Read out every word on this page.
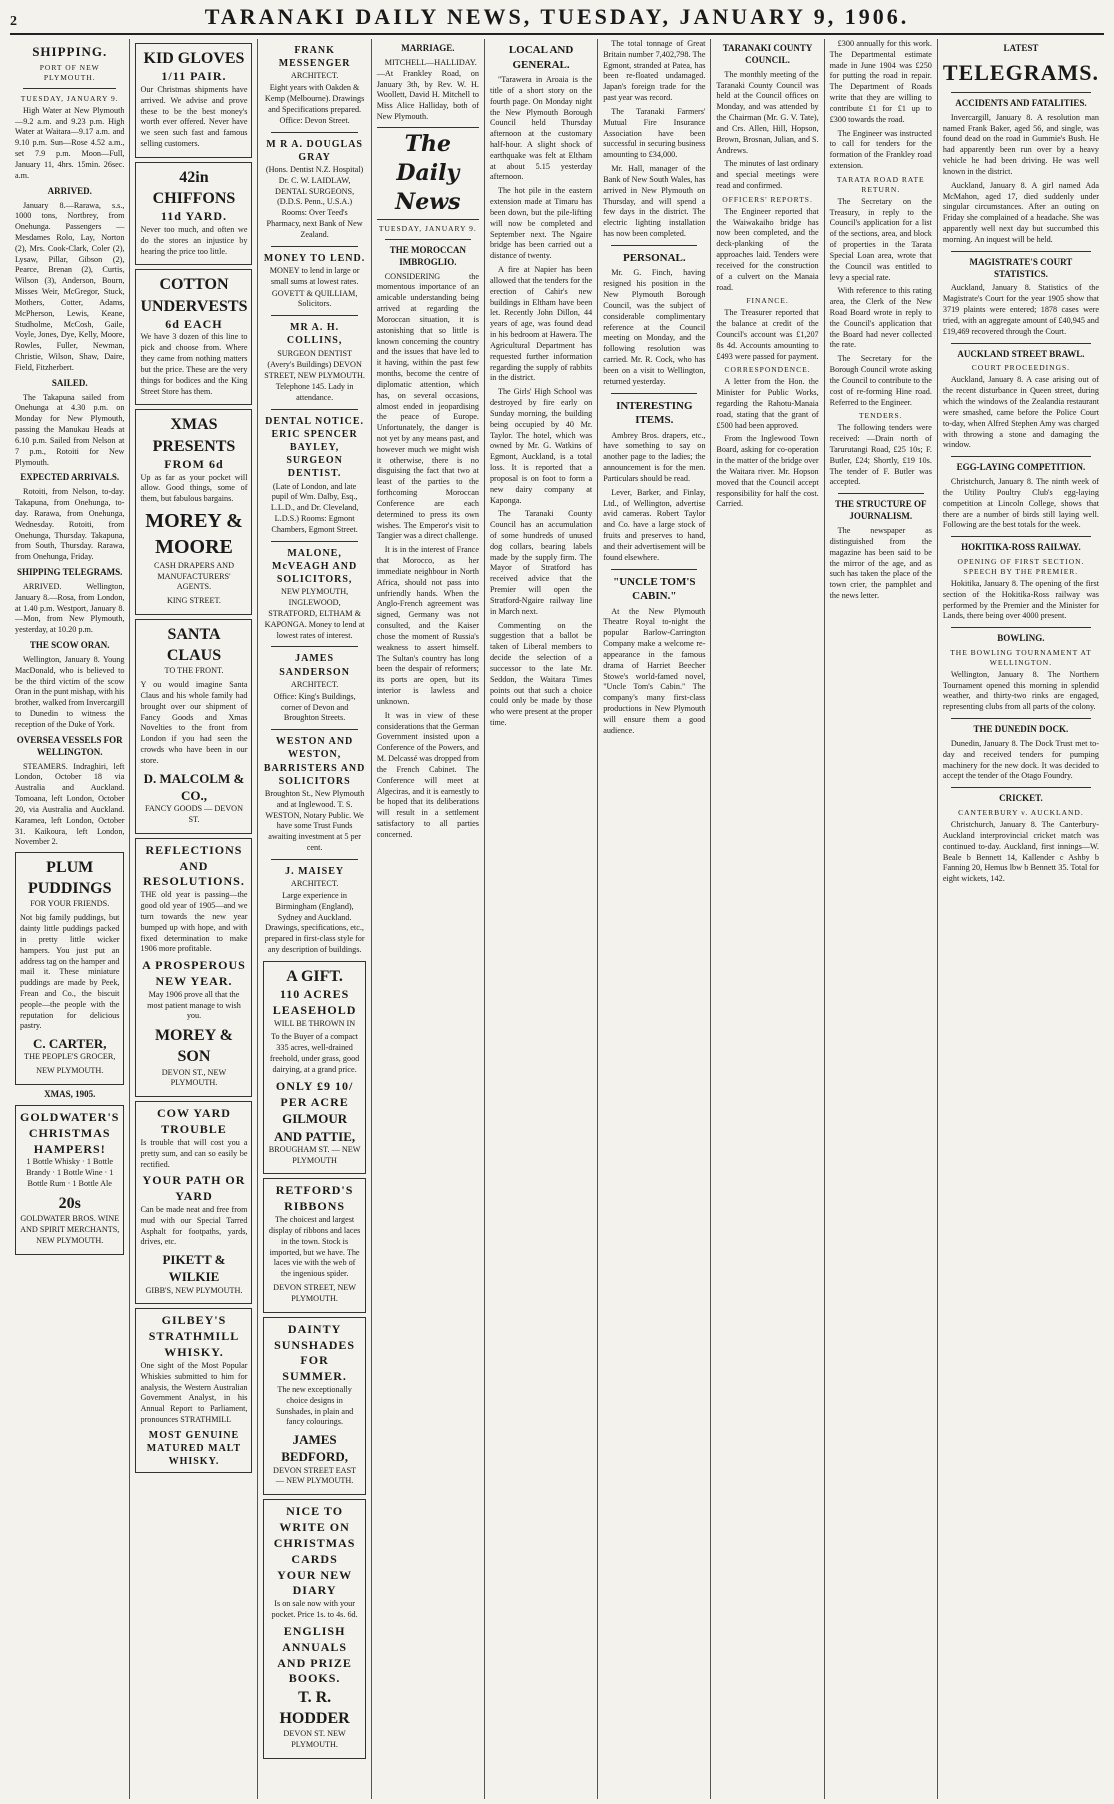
2	TARANAKI DAILY NEWS, TUESDAY, JANUARY 9, 1906.

SHIPPING.

PORT OF NEW PLYMOUTH.

TUESDAY, JANUARY 9.

High Water at New Plymouth—9.2 a.m. and 9.23 p.m. High Water at Waitara—9.17 a.m. and 9.10 p.m. Sun—Rose 4.52 a.m., set 7.9 p.m. Moon—Full, January 11, 4hrs. 15min. 26sec. a.m.

ARRIVED.

January 8.—Rarawa, s.s., 1000 tons, Nortbrey, from Onehunga. Passengers —Mesdames Rolo, Lay, Norton (2), Mrs. Cook-Clark, Coler (2), Lysaw, Pillar, Gibson (2), Pearce, Brenan (2), Curtis, Wilson (3), Anderson, Bourn, Misses Weir, McGregor, Stuck, Mothers, Cotter, Adams, McPherson, Lewis, Keane, Studholme, McCosh, Gaile, Voyle, Jones, Dye, Kelly, Moore, Rowles, Fuller, Newman, Christie, Wilson, Shaw, Daire, Field, Fitzherbert.

SAILED.

The Takapuna sailed from Onehunga at 4.30 p.m. on Monday for New Plymouth, passing the Manukau Heads at 6.10 p.m. Sailed from Nelson at 7 p.m., Rotoiti for New Plymouth.

EXPECTED ARRIVALS.

Rotoiti, from Nelson, to-day. Takapuna, from Onehunga, to-day. Rarawa, from Onehunga, Wednesday. Rotoiti, from Onehunga, Thursday. Takapuna, from South, Thursday. Rarawa, from Onehunga, Friday.

SHIPPING TELEGRAMS.

ARRIVED. Wellington, January 8.—Rosa, from London, at 1.40 p.m. Westport, January 8.—Mon, from New Plymouth, yesterday, at 10.20 p.m.

THE SCOW ORAN.

Wellington, January 8. Young MacDonald, who is believed to be the third victim of the scow Oran in the punt mishap, with his brother, walked from Invercargill to Dunedin to witness the reception of the Duke of York.

OVERSEA VESSELS FOR WELLINGTON.

STEAMERS. Indraghiri, left London, October 18 via Australia and Auckland. Tomoana, left London, October 20, via Australia and Auckland. Karamea, left London, October 31. Kaikoura, left London, November 2.

PLUM PUDDINGS

FOR YOUR FRIENDS.

Not big family puddings, but dainty little puddings packed in pretty little wicker hampers. You just put an address tag on the hamper and mail it. These miniature puddings are made by Peek, Frean and Co., the biscuit people—the people with the reputation for delicious pastry.

C. CARTER,

THE PEOPLE'S GROCER,

NEW PLYMOUTH.

XMAS, 1905.

GOLDWATER'S CHRISTMAS HAMPERS!

1 Bottle Whisky · 1 Bottle Brandy · 1 Bottle Wine · 1 Bottle Rum · 1 Bottle Ale

20s

GOLDWATER BROS. WINE AND SPIRIT MERCHANTS, NEW PLYMOUTH.

KID GLOVES
1/11 PAIR.

Our Christmas shipments have arrived. We advise and prove these to be the best money's worth ever offered. Never have we seen such fast and famous selling customers.

42in CHIFFONS
11d YARD.

Never too much, and often we do the stores an injustice by hearing the price too little.

COTTON UNDERVESTS
6d EACH

We have 3 dozen of this line to pick and choose from. Where they came from nothing matters but the price. These are the very things for bodices and the King Street Store has them.

XMAS PRESENTS
FROM 6d

Up as far as your pocket will allow. Good things, some of them, but fabulous bargains.

MOREY & MOORE

CASH DRAPERS AND MANUFACTURERS' AGENTS.

KING STREET.

SANTA CLAUS

TO THE FRONT.

Y ou would imagine Santa Claus and his whole family had brought over our shipment of Fancy Goods and Xmas Novelties to the front from London if you had seen the crowds who have been in our store.

D. MALCOLM & CO.,

FANCY GOODS — DEVON ST.

REFLECTIONS AND RESOLUTIONS.

THE old year is passing—the good old year of 1905—and we turn towards the new year bumped up with hope, and with fixed determination to make 1906 more profitable.

A PROSPEROUS NEW YEAR.

May 1906 prove all that the most patient manage to wish you.

MOREY & SON

DEVON ST., NEW PLYMOUTH.

COW YARD TROUBLE

Is trouble that will cost you a pretty sum, and can so easily be rectified.

YOUR PATH OR YARD

Can be made neat and free from mud with our Special Tarred Asphalt for footpaths, yards, drives, etc.

PIKETT & WILKIE

GIBB'S, NEW PLYMOUTH.

GILBEY'S STRATHMILL WHISKY.

One sight of the Most Popular Whiskies submitted to him for analysis, the Western Australian Government Analyst, in his Annual Report to Parliament, pronounces STRATHMILL

MOST GENUINE MATURED MALT WHISKY.
FRANK MESSENGER

ARCHITECT.

Eight years with Oakden & Kemp (Melbourne). Drawings and Specifications prepared. Office: Devon Street.

M R A. DOUGLAS GRAY

(Hons. Dentist N.Z. Hospital) Dr. C. W. LAIDLAW, DENTAL SURGEONS, (D.D.S. Penn., U.S.A.) Rooms: Over Teed's Pharmacy, next Bank of New Zealand.

MONEY TO LEND.

MONEY to lend in large or small sums at lowest rates.

GOVETT & QUILLIAM, Solicitors.

MR A. H. COLLINS,

SURGEON DENTIST

(Avery's Buildings) DEVON STREET, NEW PLYMOUTH. Telephone 145. Lady in attendance.

DENTAL NOTICE.
ERIC SPENCER BAYLEY, SURGEON DENTIST.

(Late of London, and late pupil of Wm. Dalby, Esq., L.L.D., and Dr. Cleveland, L.D.S.) Rooms: Egmont Chambers, Egmont Street.

MALONE, McVEAGH AND SOLICITORS,

NEW PLYMOUTH, INGLEWOOD, STRATFORD, ELTHAM & KAPONGA. Money to lend at lowest rates of interest.

JAMES SANDERSON

ARCHITECT.

Office: King's Buildings, corner of Devon and Broughton Streets.

WESTON AND WESTON, BARRISTERS AND SOLICITORS

Broughton St., New Plymouth and at Inglewood. T. S. WESTON, Notary Public. We have some Trust Funds awaiting investment at 5 per cent.

J. MAISEY

ARCHITECT.

Large experience in Birmingham (England), Sydney and Auckland. Drawings, specifications, etc., prepared in first-class style for any description of buildings.

A GIFT.
110 ACRES LEASEHOLD

WILL BE THROWN IN

To the Buyer of a compact 335 acres, well-drained freehold, under grass, good dairying, at a grand price.

ONLY £9 10/ PER ACRE
GILMOUR AND PATTIE,

BROUGHAM ST. — NEW PLYMOUTH

RETFORD'S RIBBONS

The choicest and largest display of ribbons and laces in the town. Stock is imported, but we have. The laces vie with the web of the ingenious spider.

DEVON STREET, NEW PLYMOUTH.

DAINTY SUNSHADES FOR SUMMER.

The new exceptionally choice designs in Sunshades, in plain and fancy colourings.

JAMES BEDFORD,

DEVON STREET EAST — NEW PLYMOUTH.

NICE TO WRITE ON
CHRISTMAS CARDS
YOUR NEW DIARY

Is on sale now with your pocket. Price 1s. to 4s. 6d.

ENGLISH ANNUALS AND PRIZE BOOKS.
T. R. HODDER

DEVON ST. NEW PLYMOUTH.

MARRIAGE.

MITCHELL—HALLIDAY.—At Frankley Road, on January 3th, by Rev. W. H. Woollett, David H. Mitchell to Miss Alice Halliday, both of New Plymouth.

The Daily News

TUESDAY, JANUARY 9.

THE MOROCCAN IMBROGLIO.

CONSIDERING the momentous importance of an amicable understanding being arrived at regarding the Moroccan situation, it is astonishing that so little is known concerning the country and the issues that have led to it having, within the past few months, become the centre of diplomatic attention, which has, on several occasions, almost ended in jeopardising the peace of Europe. Unfortunately, the danger is not yet by any means past, and however much we might wish it otherwise, there is no disguising the fact that two at least of the parties to the forthcoming Moroccan Conference are each determined to press its own wishes. The Emperor's visit to Tangier was a direct challenge.

It is in the interest of France that Morocco, as her immediate neighbour in North Africa, should not pass into unfriendly hands. When the Anglo-French agreement was signed, Germany was not consulted, and the Kaiser chose the moment of Russia's weakness to assert himself. The Sultan's country has long been the despair of reformers; its ports are open, but its interior is lawless and unknown.

It was in view of these considerations that the German Government insisted upon a Conference of the Powers, and M. Delcassé was dropped from the French Cabinet. The Conference will meet at Algeciras, and it is earnestly to be hoped that its deliberations will result in a settlement satisfactory to all parties concerned.

LOCAL AND GENERAL.

"Tarawera in Aroaia is the title of a short story on the fourth page. On Monday night the New Plymouth Borough Council held Thursday afternoon at the customary half-hour. A slight shock of earthquake was felt at Eltham at about 5.15 yesterday afternoon.

The hot pile in the eastern extension made at Timaru has been down, but the pile-lifting will now be completed and September next. The Ngaire bridge has been carried out a distance of twenty.

A fire at Napier has been allowed that the tenders for the erection of Cahir's new buildings in Eltham have been let. Recently John Dillon, 44 years of age, was found dead in his bedroom at Hawera. The Agricultural Department has requested further information regarding the supply of rabbits in the district.

The Girls' High School was destroyed by fire early on Sunday morning, the building being occupied by 40 Mr. Taylor. The hotel, which was owned by Mr. G. Watkins of Egmont, Auckland, is a total loss. It is reported that a proposal is on foot to form a new dairy company at Kaponga.

The Taranaki County Council has an accumulation of some hundreds of unused dog collars, bearing labels made by the supply firm. The Mayor of Stratford has received advice that the Premier will open the Stratford-Ngaire railway line in March next.

Commenting on the suggestion that a ballot be taken of Liberal members to decide the selection of a successor to the late Mr. Seddon, the Waitara Times points out that such a choice could only be made by those who were present at the proper time.

The total tonnage of Great Britain number 7,402,798. The Egmont, stranded at Patea, has been re-floated undamaged. Japan's foreign trade for the past year was record.

The Taranaki Farmers' Mutual Fire Insurance Association have been successful in securing business amounting to £34,000.

Mr. Hall, manager of the Bank of New South Wales, has arrived in New Plymouth on Thursday, and will spend a few days in the district. The electric lighting installation has now been completed.

PERSONAL.

Mr. G. Finch, having resigned his position in the New Plymouth Borough Council, was the subject of considerable complimentary reference at the Council meeting on Monday, and the following resolution was carried. Mr. R. Cock, who has been on a visit to Wellington, returned yesterday.

INTERESTING ITEMS.

Ambrey Bros. drapers, etc., have something to say on another page to the ladies; the announcement is for the men. Particulars should be read.

Lever, Barker, and Finlay, Ltd., of Wellington, advertise avid cameras. Robert Taylor and Co. have a large stock of fruits and preserves to hand, and their advertisement will be found elsewhere.

"UNCLE TOM'S CABIN."

At the New Plymouth Theatre Royal to-night the popular Barlow-Carrington Company make a welcome re-appearance in the famous drama of Harriet Beecher Stowe's world-famed novel, "Uncle Tom's Cabin." The company's many first-class productions in New Plymouth will ensure them a good audience.

TARANAKI COUNTY COUNCIL.

The monthly meeting of the Taranaki County Council was held at the Council offices on Monday, and was attended by the Chairman (Mr. G. V. Tate), and Crs. Allen, Hill, Hopson, Brown, Brosnan, Julian, and S. Andrews.

The minutes of last ordinary and special meetings were read and confirmed.

OFFICERS' REPORTS.

The Engineer reported that the Waiwakaiho bridge has now been completed, and the deck-planking of the approaches laid. Tenders were received for the construction of a culvert on the Manaia road.

FINANCE.

The Treasurer reported that the balance at credit of the Council's account was £1,207 8s 4d. Accounts amounting to £493 were passed for payment.

CORRESPONDENCE.

A letter from the Hon. the Minister for Public Works, regarding the Rahotu-Manaia road, stating that the grant of £500 had been approved.

From the Inglewood Town Board, asking for co-operation in the matter of the bridge over the Waitara river. Mr. Hopson moved that the Council accept responsibility for half the cost. Carried.

£300 annually for this work. The Departmental estimate made in June 1904 was £250 for putting the road in repair. The Department of Roads write that they are willing to contribute £1 for £1 up to £300 towards the road.

The Engineer was instructed to call for tenders for the formation of the Frankley road extension.

TARATA ROAD RATE RETURN.

The Secretary on the Treasury, in reply to the Council's application for a list of the sections, area, and block of properties in the Tarata Special Loan area, wrote that the Council was entitled to levy a special rate.

With reference to this rating area, the Clerk of the New Road Board wrote in reply to the Council's application that the Board had never collected the rate.

The Secretary for the Borough Council wrote asking the Council to contribute to the cost of re-forming Hine road. Referred to the Engineer.

TENDERS.

The following tenders were received: —Drain north of Tarurutangi Road, £25 10s; F. Butler, £24; Shortly, £19 10s. The tender of F. Butler was accepted.

THE STRUCTURE OF JOURNALISM.

The newspaper as distinguished from the magazine has been said to be the mirror of the age, and as such has taken the place of the town crier, the pamphlet and the news letter.

LATEST

TELEGRAMS.

ACCIDENTS AND FATALITIES.

Invercargill, January 8. A resolution man named Frank Baker, aged 56, and single, was found dead on the road in Gummie's Bush. He had apparently been run over by a heavy vehicle he had been driving. He was well known in the district.

Auckland, January 8. A girl named Ada McMahon, aged 17, died suddenly under singular circumstances. After an outing on Friday she complained of a headache. She was apparently well next day but succumbed this morning. An inquest will be held.

MAGISTRATE'S COURT STATISTICS.

Auckland, January 8. Statistics of the Magistrate's Court for the year 1905 show that 3719 plaints were entered; 1878 cases were tried, with an aggregate amount of £40,945 and £19,469 recovered through the Court.

AUCKLAND STREET BRAWL.

COURT PROCEEDINGS.

Auckland, January 8. A case arising out of the recent disturbance in Queen street, during which the windows of the Zealandia restaurant were smashed, came before the Police Court to-day, when Alfred Stephen Amy was charged with throwing a stone and damaging the window.

EGG-LAYING COMPETITION.

Christchurch, January 8. The ninth week of the Utility Poultry Club's egg-laying competition at Lincoln College, shows that there are a number of birds still laying well. Following are the best totals for the week.

HOKITIKA-ROSS RAILWAY.

OPENING OF FIRST SECTION. SPEECH BY THE PREMIER.

Hokitika, January 8. The opening of the first section of the Hokitika-Ross railway was performed by the Premier and the Minister for Lands, there being over 4000 present.

BOWLING.

THE BOWLING TOURNAMENT AT WELLINGTON.

Wellington, January 8. The Northern Tournament opened this morning in splendid weather, and thirty-two rinks are engaged, representing clubs from all parts of the colony.

THE DUNEDIN DOCK.

Dunedin, January 8. The Dock Trust met to-day and received tenders for pumping machinery for the new dock. It was decided to accept the tender of the Otago Foundry.

CRICKET.

CANTERBURY v. AUCKLAND.

Christchurch, January 8. The Canterbury-Auckland interprovincial cricket match was continued to-day. Auckland, first innings—W. Beale b Bennett 14, Kallender c Ashby b Fanning 20, Hemus lbw b Bennett 35. Total for eight wickets, 142.
